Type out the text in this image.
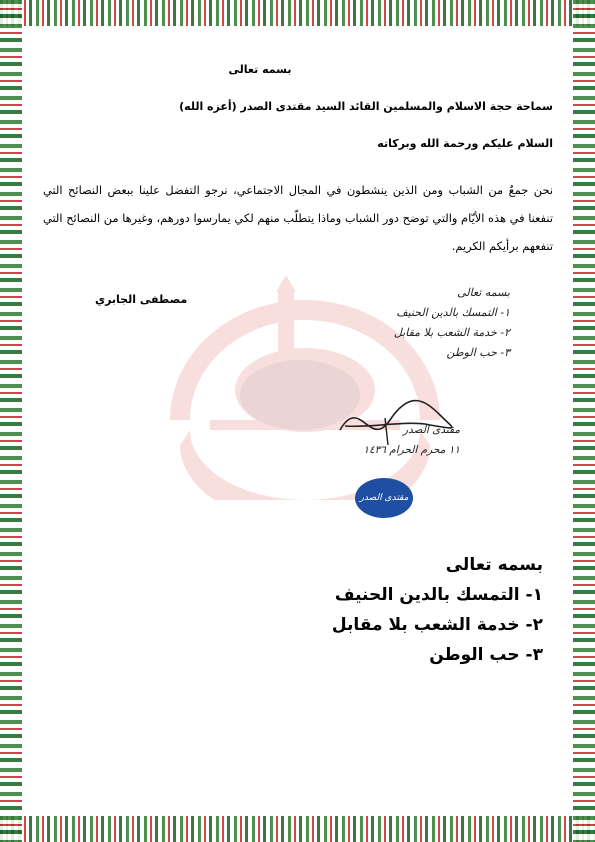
بسمه تعالى
سماحة حجة الاسلام والمسلمين القائد السيد مقتدى الصدر (أعزه الله)
السلام عليكم ورحمة الله وبركاته
نحن جمعٌ من الشباب ومن الذين ينشطون في المجال الاجتماعي، نرجو التفضل علينا ببعض النصائح التي تنفعنا في هذه الأيّام والتي توضح دور الشباب وماذا يتطلّب منهم لكي يمارسوا دورهم، وغيرها من النصائح التي تنفعهم برأيكم الكريم.
مصطفى الجابري
بسمه تعالى
١- التمسك بالدين الحنيف
٢- خدمة الشعب بلا مقابل
٣- حب الوطن
مقتدى الصدر
١١ محرم الحرام ١٤٣٦
مقتدى الصدر
بسمه تعالى
١- التمسك بالدين الحنيف
٢- خدمة الشعب بلا مقابل
٣- حب الوطن
